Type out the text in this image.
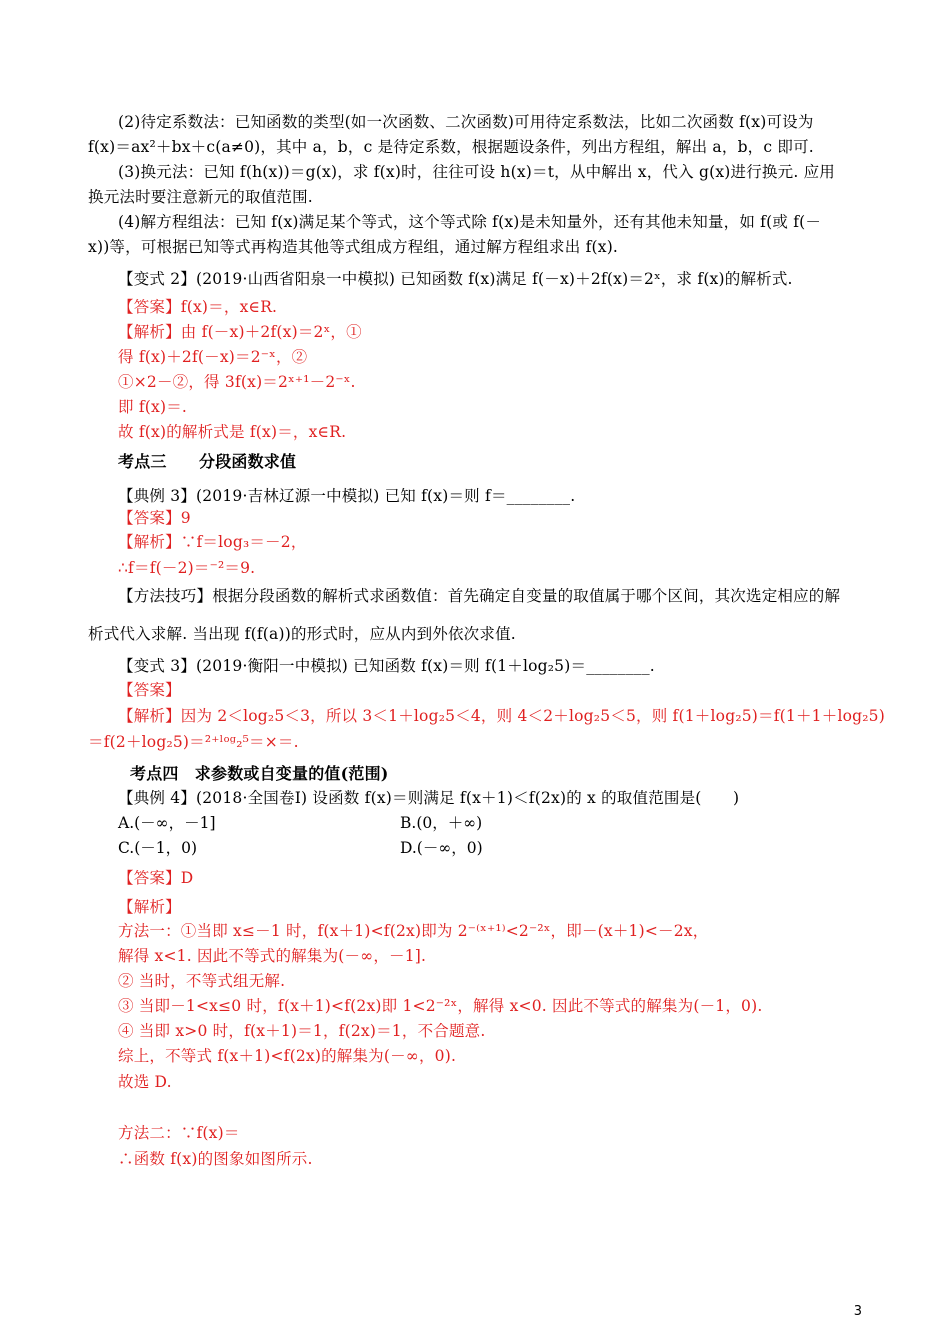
(2)待定系数法：已知函数的类型(如一次函数、二次函数)可用待定系数法，比如二次函数 f(x)可设为
f(x)＝ax²＋bx＋c(a≠0)，其中 a，b，c 是待定系数，根据题设条件，列出方程组，解出 a，b，c 即可.
(3)换元法：已知 f(h(x))＝g(x)，求 f(x)时，往往可设 h(x)＝t，从中解出 x，代入 g(x)进行换元. 应用
换元法时要注意新元的取值范围.
(4)解方程组法：已知 f(x)满足某个等式，这个等式除 f(x)是未知量外，还有其他未知量，如 f(或 f(－
x))等，可根据已知等式再构造其他等式组成方程组，通过解方程组求出 f(x).
【变式 2】(2019·山西省阳泉一中模拟) 已知函数 f(x)满足 f(－x)＋2f(x)＝2ˣ，求 f(x)的解析式.
【答案】f(x)＝，x∈R.
【解析】由 f(－x)＋2f(x)＝2ˣ，①
得 f(x)＋2f(－x)＝2⁻ˣ，②
①×2－②，得 3f(x)＝2ˣ⁺¹－2⁻ˣ.
即 f(x)＝.
故 f(x)的解析式是 f(x)＝，x∈R.
考点三　　分段函数求值
【典例 3】(2019·吉林辽源一中模拟) 已知 f(x)＝则 f＝________.
【答案】9
【解析】∵f＝log₃＝－2，
∴f＝f(－2)＝⁻²＝9.
【方法技巧】根据分段函数的解析式求函数值：首先确定自变量的取值属于哪个区间，其次选定相应的解
析式代入求解. 当出现 f(f(a))的形式时，应从内到外依次求值.
【变式 3】(2019·衡阳一中模拟) 已知函数 f(x)＝则 f(1＋log₂5)＝________.
【答案】
【解析】因为 2＜log₂5＜3，所以 3＜1＋log₂5＜4，则 4＜2＋log₂5＜5，则 f(1＋log₂5)＝f(1＋1＋log₂5)
＝f(2＋log₂5)＝²⁺ˡᵒᵍ₂⁵＝×＝.
考点四　求参数或自变量的值(范围)
【典例 4】(2018·全国卷Ⅰ) 设函数 f(x)＝则满足 f(x＋1)＜f(2x)的 x 的取值范围是(　　)
A.(－∞，－1]	B.(0，＋∞)
C.(－1，0)	D.(－∞，0)
【答案】D
【解析】
方法一：①当即 x≤－1 时，f(x＋1)<f(2x)即为 2⁻⁽ˣ⁺¹⁾<2⁻²ˣ，即－(x＋1)<－2x，
解得 x<1. 因此不等式的解集为(－∞，－1].
② 当时，不等式组无解.
③ 当即－1<x≤0 时，f(x＋1)<f(2x)即 1<2⁻²ˣ，解得 x<0. 因此不等式的解集为(－1，0).
④ 当即 x>0 时，f(x＋1)＝1，f(2x)＝1，不合题意.
综上，不等式 f(x＋1)<f(2x)的解集为(－∞，0).
故选 D.
方法二：∵f(x)＝
∴函数 f(x)的图象如图所示.
3
